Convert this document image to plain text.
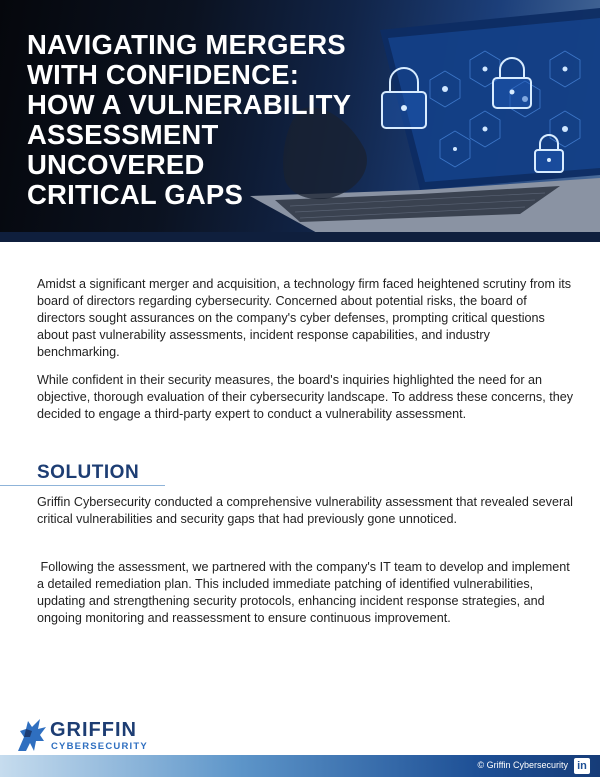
NAVIGATING MERGERS
WITH CONFIDENCE:
HOW A VULNERABILITY
ASSESSMENT
UNCOVERED
CRITICAL GAPS

Amidst a significant merger and acquisition, a technology firm faced heightened scrutiny from its board of directors regarding cybersecurity. Concerned about potential risks, the board of directors sought assurances on the company's cyber defenses, prompting critical questions about past vulnerability assessments, incident response capabilities, and industry benchmarking.

While confident in their security measures, the board's inquiries highlighted the need for an objective, thorough evaluation of their cybersecurity landscape. To address these concerns, they decided to engage a third-party expert to conduct a vulnerability assessment.

SOLUTION

Griffin Cybersecurity conducted a comprehensive vulnerability assessment that revealed several critical vulnerabilities and security gaps that had previously gone unnoticed.

Following the assessment, we partnered with the company's IT team to develop and implement a detailed remediation plan. This included immediate patching of identified vulnerabilities, updating and strengthening security protocols, enhancing incident response strategies, and ongoing monitoring and reassessment to ensure continuous improvement.

GRIFFIN
CYBERSECURITY
© Griffin Cybersecurity in
